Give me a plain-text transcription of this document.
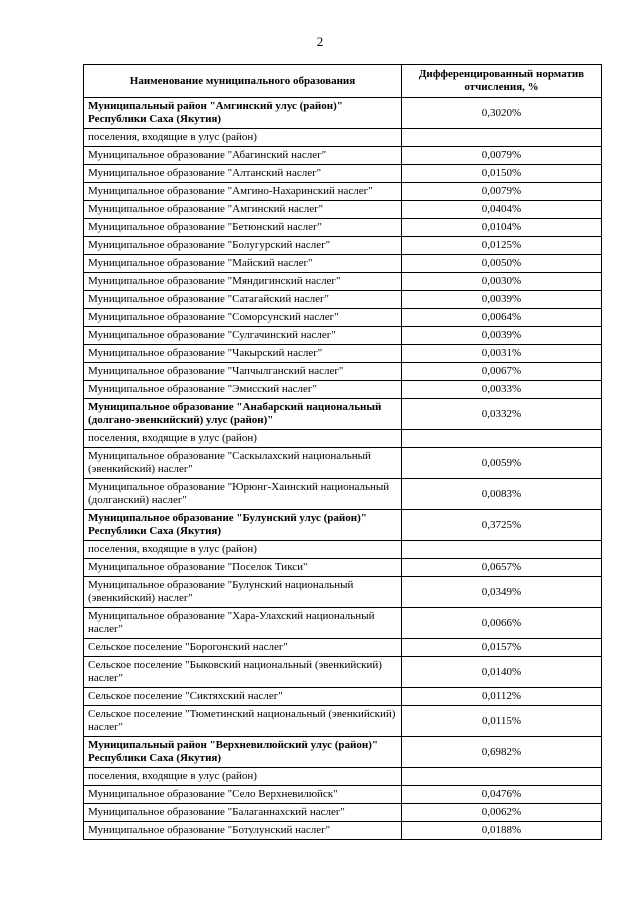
2
Наименование муниципального образования	Дифференцированный норматив отчисления, %
Муниципальный район "Амгинский улус (район)" Республики Саха (Якутия)	0,3020%
поселения, входящие в улус (район)	
Муниципальное образование "Абагинский наслег"	0,0079%
Муниципальное образование "Алтанский наслег"	0,0150%
Муниципальное образование "Амгино-Нахаринский наслег"	0,0079%
Муниципальное образование "Амгинский наслег"	0,0404%
Муниципальное образование "Бетюнский наслег"	0,0104%
Муниципальное образование "Болугурский наслег"	0,0125%
Муниципальное образование "Майский наслег"	0,0050%
Муниципальное образование "Мяндигинский наслег"	0,0030%
Муниципальное образование "Сатагайский наслег"	0,0039%
Муниципальное образование "Соморсунский наслег"	0,0064%
Муниципальное образование "Сулгачинский наслег"	0,0039%
Муниципальное образование "Чакырский наслег"	0,0031%
Муниципальное образование "Чапчылганский наслег"	0,0067%
Муниципальное образование "Эмисский наслег"	0,0033%
Муниципальное образование "Анабарский национальный (долгано-эвенкийский) улус (район)"	0,0332%
поселения, входящие в улус (район)	
Муниципальное образование "Саскылахский национальный (эвенкийский) наслег"	0,0059%
Муниципальное образование "Юрюнг-Хаинский национальный (долганский) наслег"	0,0083%
Муниципальное образование "Булунский улус (район)" Республики Саха (Якутия)	0,3725%
поселения, входящие в улус (район)	
Муниципальное образование "Поселок Тикси"	0,0657%
Муниципальное образование "Булунский национальный (эвенкийский) наслег"	0,0349%
Муниципальное образование "Хара-Улахский национальный наслег"	0,0066%
Сельское поселение "Борогонский наслег"	0,0157%
Сельское поселение "Быковский национальный (эвенкийский) наслег"	0,0140%
Сельское поселение "Сиктяхский наслег"	0,0112%
Сельское поселение "Тюметинский национальный (эвенкийский) наслег"	0,0115%
Муниципальный район "Верхневилюйский улус (район)" Республики Саха (Якутия)	0,6982%
поселения, входящие в улус (район)	
Муниципальное образование "Село Верхневилюйск"	0,0476%
Муниципальное образование "Балаганнахский наслег"	0,0062%
Муниципальное образование "Ботулунский наслег"	0,0188%
